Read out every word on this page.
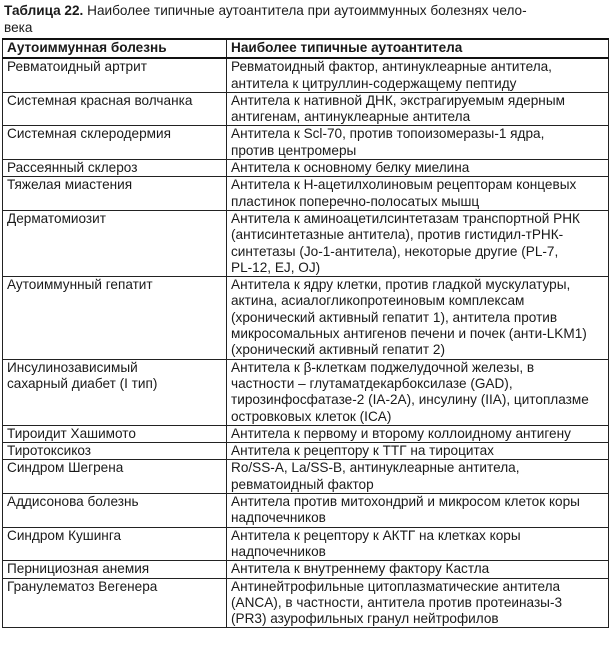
Таблица 22. Наиболее типичные аутоантитела при аутоиммунных болезнях чело-
века
Аутоиммунная болезнь	Наиболее типичные аутоантитела

Ревматоидный артрит	Ревматоидный фактор, антинуклеарные антитела,
антитела к цитруллин-содержащему пептиду

Системная красная волчанка	Антитела к нативной ДНК, экстрагируемым ядерным
антигенам, антинуклеарные антитела

Системная склеродермия	Антитела к Scl-70, против топоизомеразы-1 ядра,
против центромеры

Рассеянный склероз	Антитела к основному белку миелина

Тяжелая миастения	Антитела к Н-ацетилхолиновым рецепторам концевых
пластинок поперечно-полосатых мышц

Дерматомиозит	Антитела к аминоацетилсинтетазам транспортной РНК
(антисинтетазные антитела), против гистидил-тРНК-
синтетазы (Jo-1-антитела), некоторые другие (PL-7,
PL-12, EJ, OJ)

Аутоиммунный гепатит	Антитела к ядру клетки, против гладкой мускулатуры,
актина, асиалогликопротеиновым комплексам
(хронический активный гепатит 1), антитела против
микросомальных антигенов печени и почек (анти-LKM1)
(хронический активный гепатит 2)

Инсулинозависимый
сахарный диабет (I тип)	Антитела к β-клеткам поджелудочной железы, в
частности – глутаматдекарбоксилазе (GAD),
тирозинфосфатазе-2 (IA-2A), инсулину (IIA), цитоплазме
островковых клеток (ICA)

Тироидит Хашимото	Антитела к первому и второму коллоидному антигену

Тиротоксикоз	Антитела к рецептору к ТТГ на тироцитах

Синдром Шегрена	Ro/SS-A, La/SS-B, антинуклеарные антитела,
ревматоидный фактор

Аддисонова болезнь	Антитела против митохондрий и микросом клеток коры
надпочечников

Синдром Кушинга	Антитела к рецептору к АКТГ на клетках коры
надпочечников

Пернициозная анемия	Антитела к внутреннему фактору Кастла

Гранулематоз Вегенера	Антинейтрофильные цитоплазматические антитела
(ANCA), в частности, антитела против протеиназы-3
(PR3) азурофильных гранул нейтрофилов
